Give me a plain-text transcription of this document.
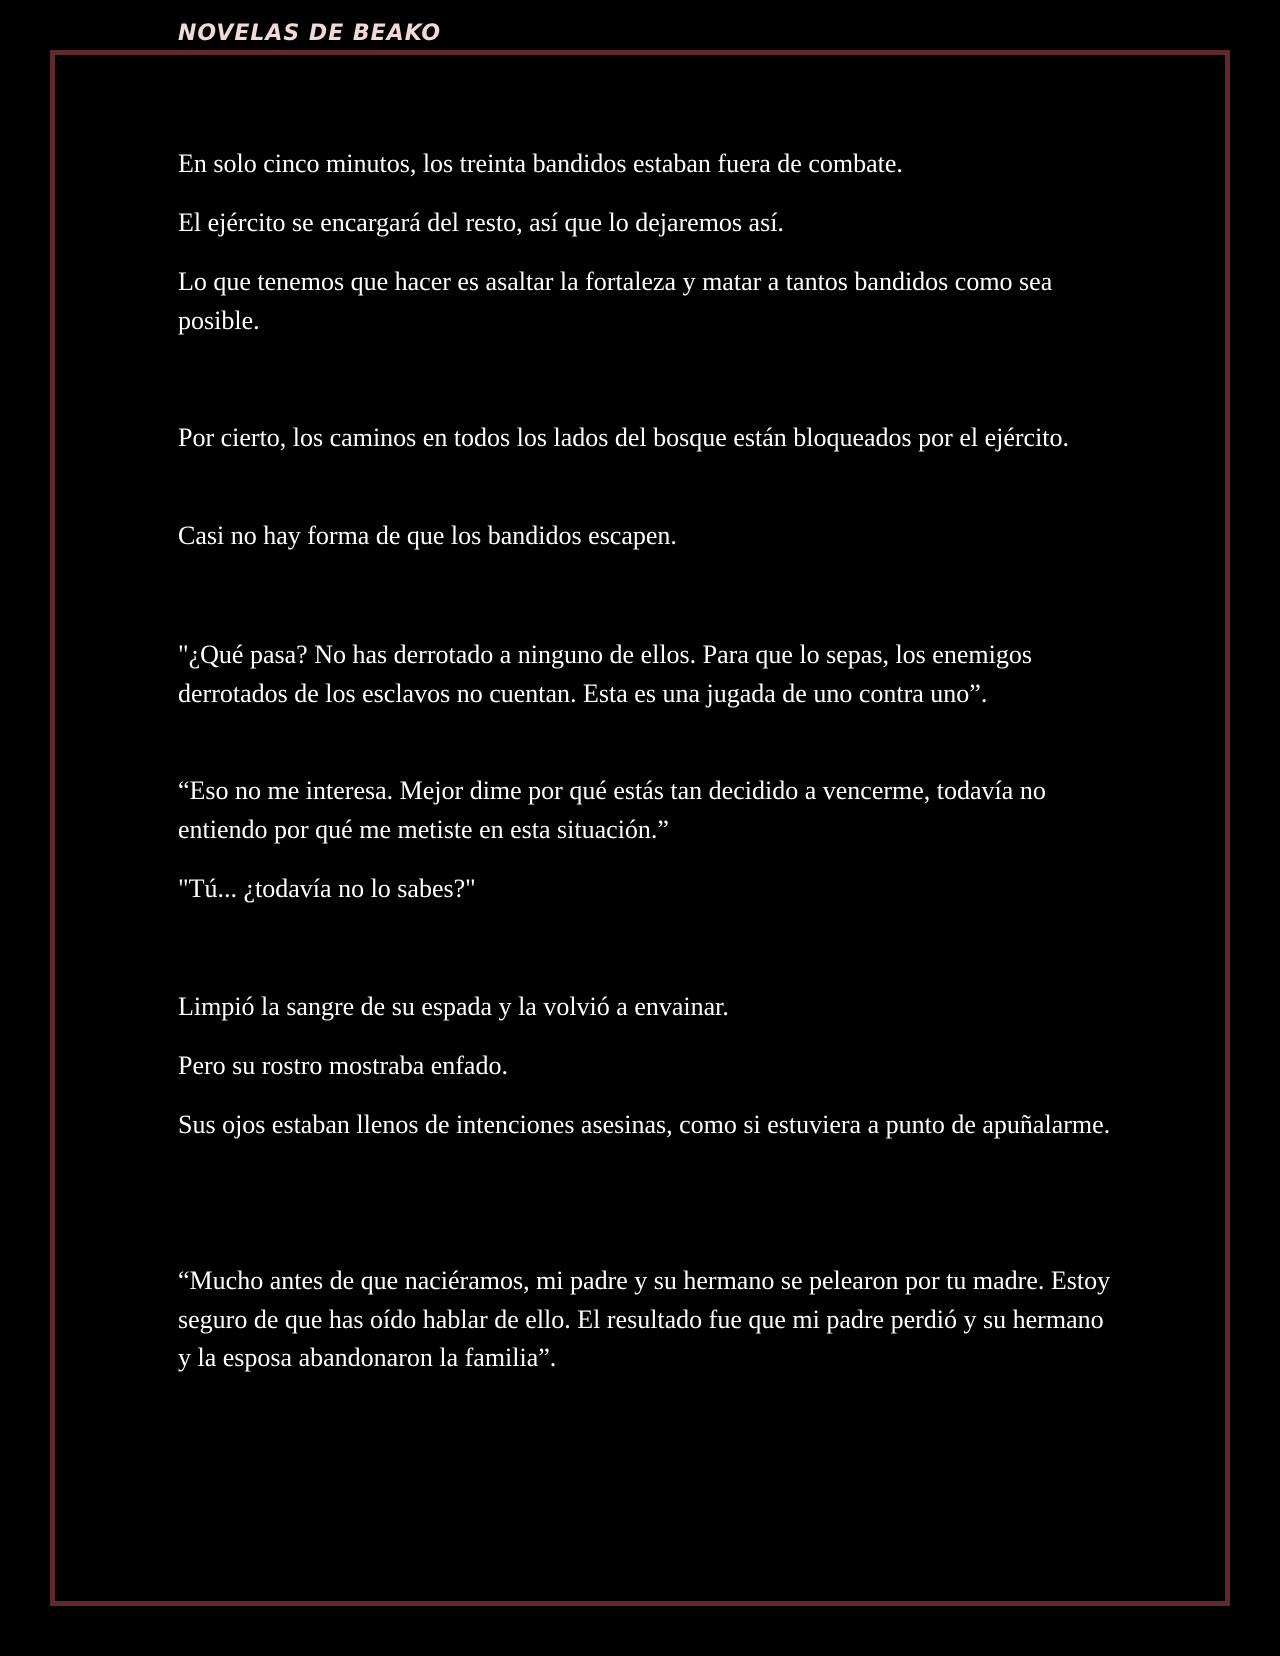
NOVELAS DE BEAKO

En solo cinco minutos, los treinta bandidos estaban fuera de combate.

El ejército se encargará del resto, así que lo dejaremos así.

Lo que tenemos que hacer es asaltar la fortaleza y matar a tantos bandidos como sea posible.

Por cierto, los caminos en todos los lados del bosque están bloqueados por el ejército.

Casi no hay forma de que los bandidos escapen.

"¿Qué pasa? No has derrotado a ninguno de ellos. Para que lo sepas, los enemigos derrotados de los esclavos no cuentan. Esta es una jugada de uno contra uno”.

“Eso no me interesa. Mejor dime por qué estás tan decidido a vencerme, todavía no entiendo por qué me metiste en esta situación.”

"Tú... ¿todavía no lo sabes?"

Limpió la sangre de su espada y la volvió a envainar.

Pero su rostro mostraba enfado.

Sus ojos estaban llenos de intenciones asesinas, como si estuviera a punto de apuñalarme.

“Mucho antes de que naciéramos, mi padre y su hermano se pelearon por tu madre. Estoy seguro de que has oído hablar de ello. El resultado fue que mi padre perdió y su hermano y la esposa abandonaron la familia”.
